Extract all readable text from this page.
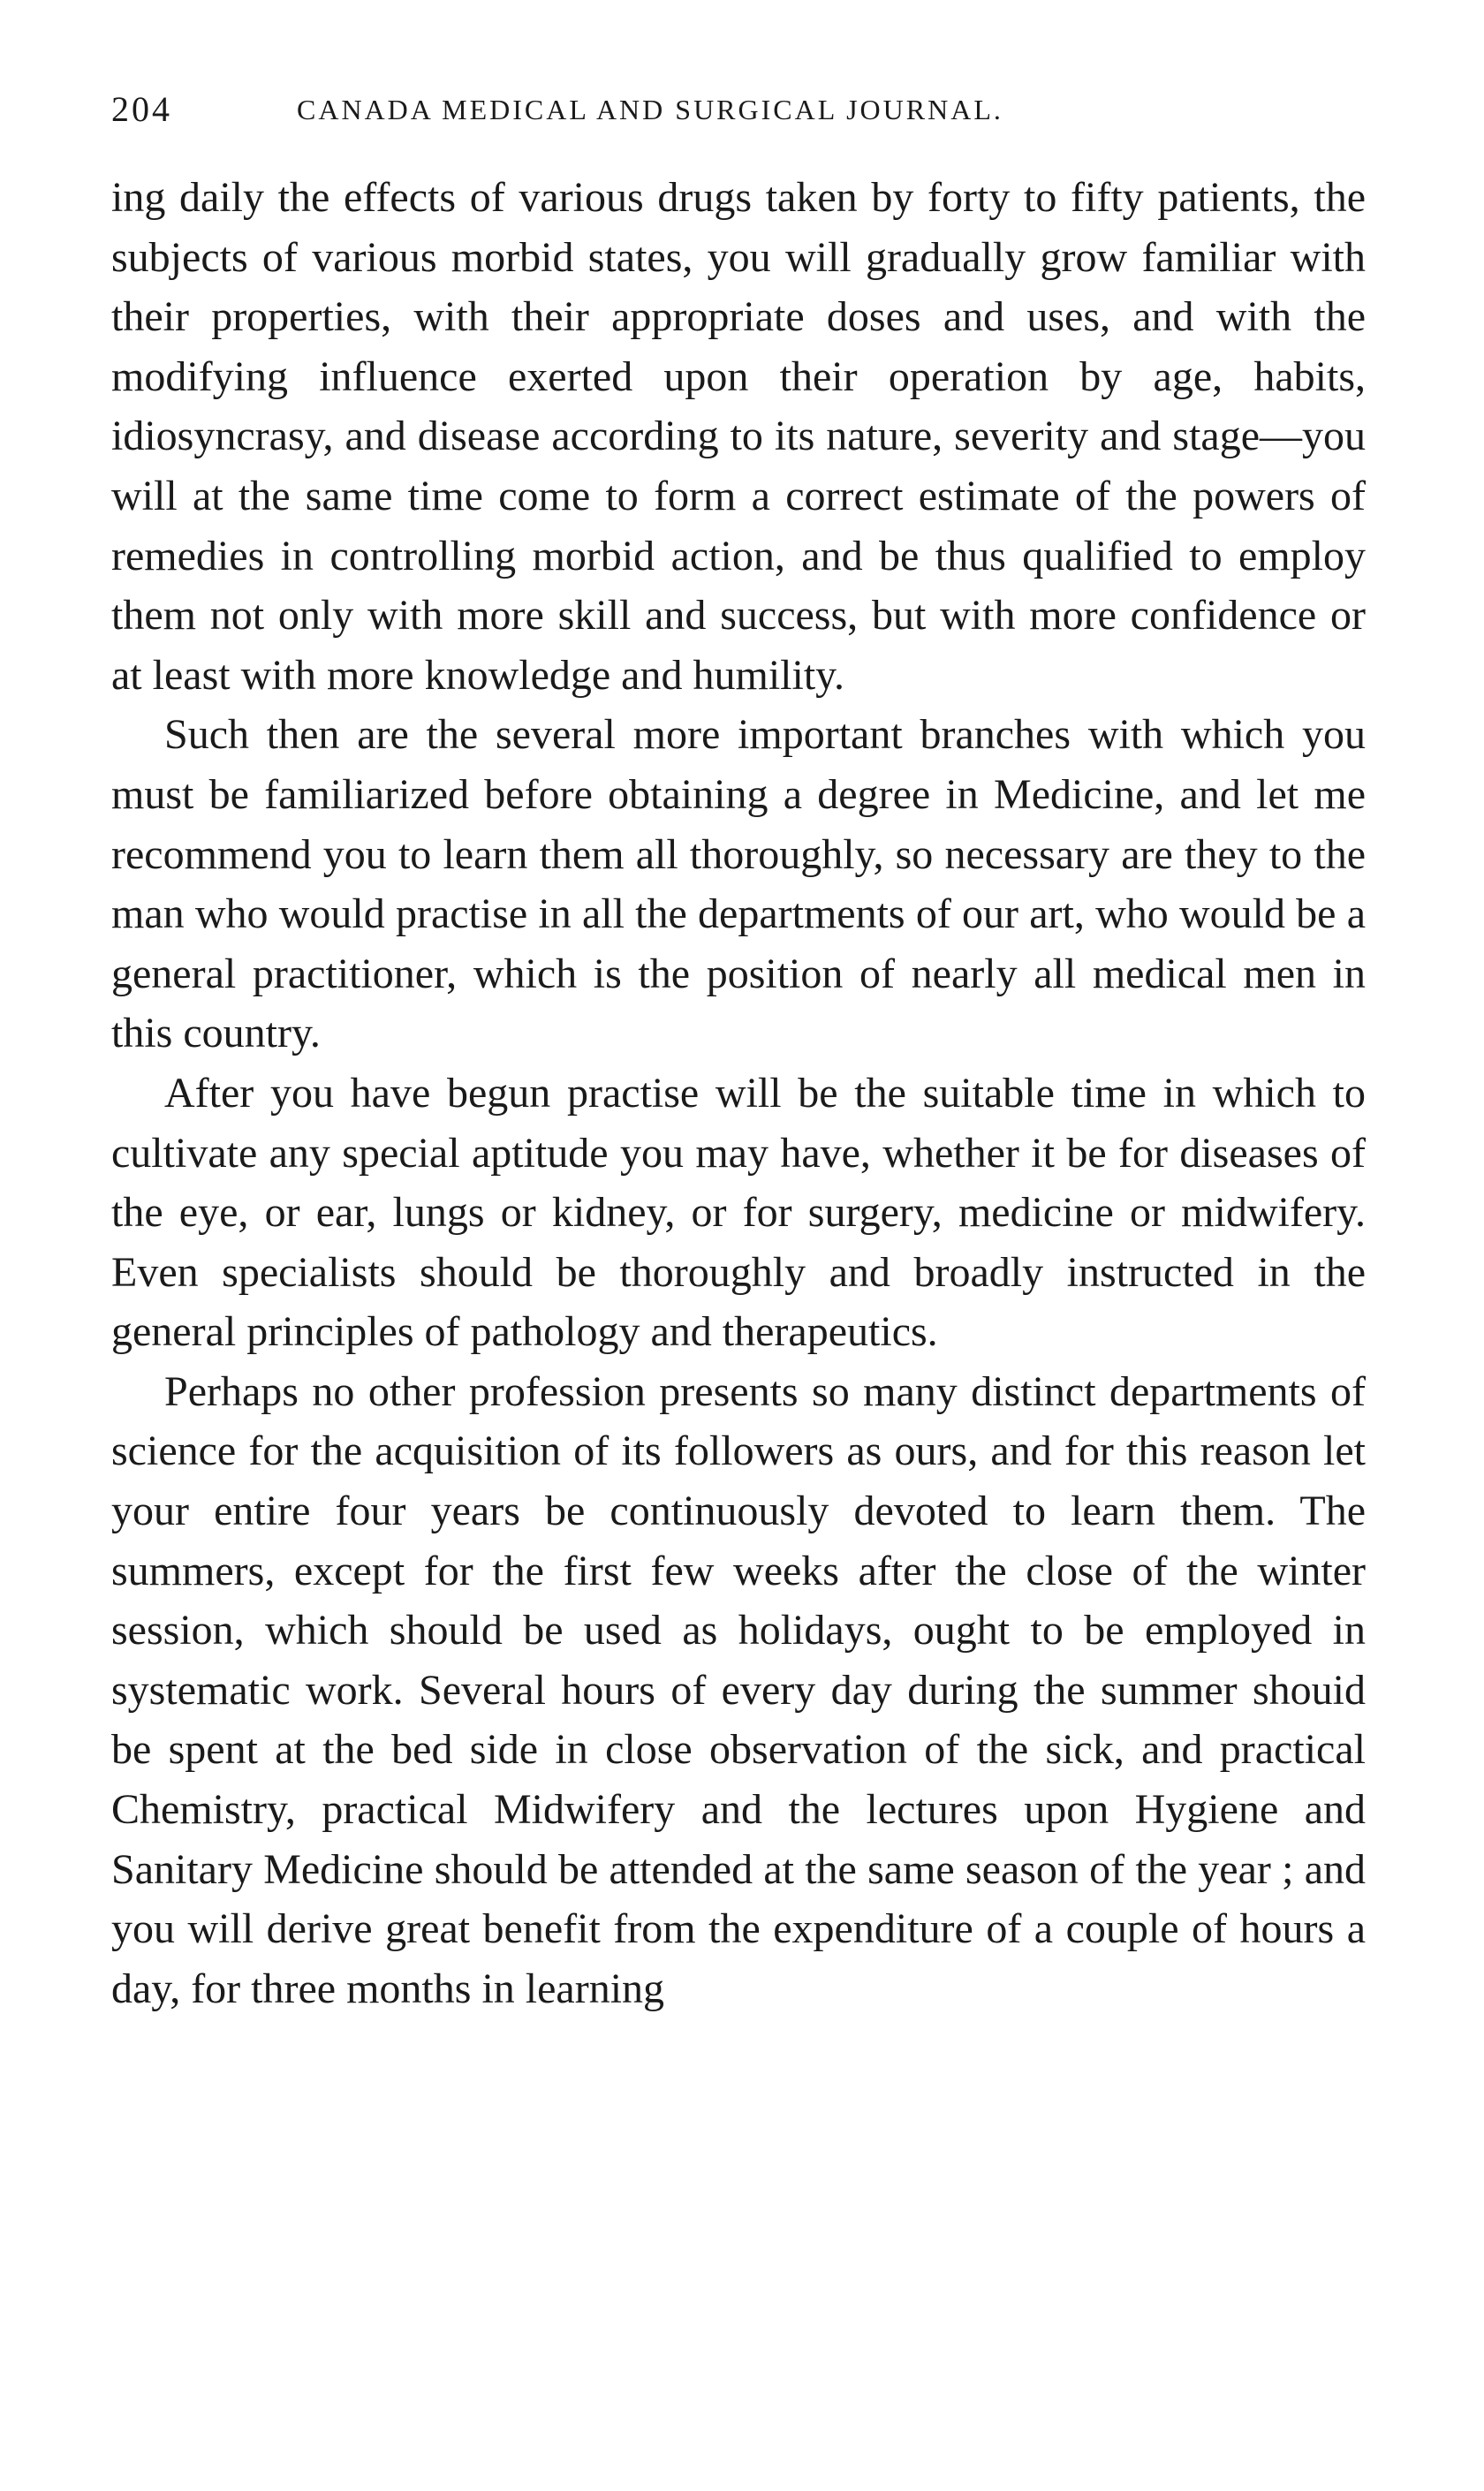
204	CANADA MEDICAL AND SURGICAL JOURNAL.

ing daily the effects of various drugs taken by forty to fifty patients, the subjects of various morbid states, you will gradually grow familiar with their properties, with their appropriate doses and uses, and with the modifying influence exerted upon their operation by age, habits, idiosyncrasy, and disease according to its nature, severity and stage—you will at the same time come to form a correct estimate of the powers of remedies in controlling morbid action, and be thus qualified to employ them not only with more skill and success, but with more confidence or at least with more knowledge and humility.

Such then are the several more important branches with which you must be familiarized before obtaining a degree in Medicine, and let me recommend you to learn them all thoroughly, so necessary are they to the man who would practise in all the departments of our art, who would be a general practitioner, which is the position of nearly all medical men in this country.

After you have begun practise will be the suitable time in which to cultivate any special aptitude you may have, whether it be for diseases of the eye, or ear, lungs or kidney, or for surgery, medicine or midwifery. Even specialists should be thoroughly and broadly instructed in the general principles of pathology and therapeutics.

Perhaps no other profession presents so many distinct departments of science for the acquisition of its followers as ours, and for this reason let your entire four years be continuously devoted to learn them. The summers, except for the first few weeks after the close of the winter session, which should be used as holidays, ought to be employed in systematic work. Several hours of every day during the summer shouid be spent at the bed side in close observation of the sick, and practical Chemistry, practical Midwifery and the lectures upon Hygiene and Sanitary Medicine should be attended at the same season of the year ; and you will derive great benefit from the expenditure of a couple of hours a day, for three months in learning
